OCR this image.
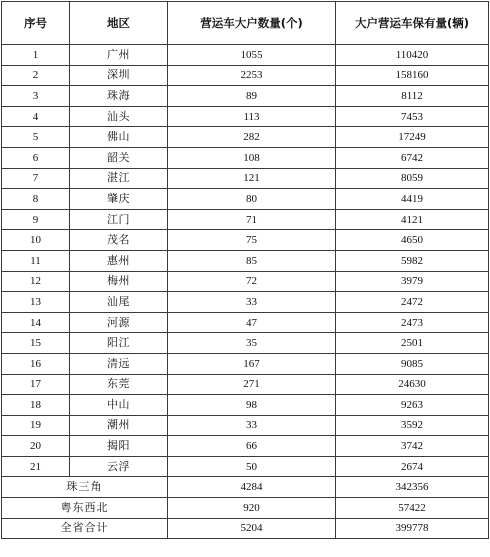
序号	地区	营运车大户数量(个)	大户营运车保有量(辆)
1	广州	1055	110420
2	深圳	2253	158160
3	珠海	89	8112
4	汕头	113	7453
5	佛山	282	17249
6	韶关	108	6742
7	湛江	121	8059
8	肇庆	80	4419
9	江门	71	4121
10	茂名	75	4650
11	惠州	85	5982
12	梅州	72	3979
13	汕尾	33	2472
14	河源	47	2473
15	阳江	35	2501
16	清远	167	9085
17	东莞	271	24630
18	中山	98	9263
19	潮州	33	3592
20	揭阳	66	3742
21	云浮	50	2674
珠三角		4284	342356
粤东西北		920	57422
全省合计		5204	399778
